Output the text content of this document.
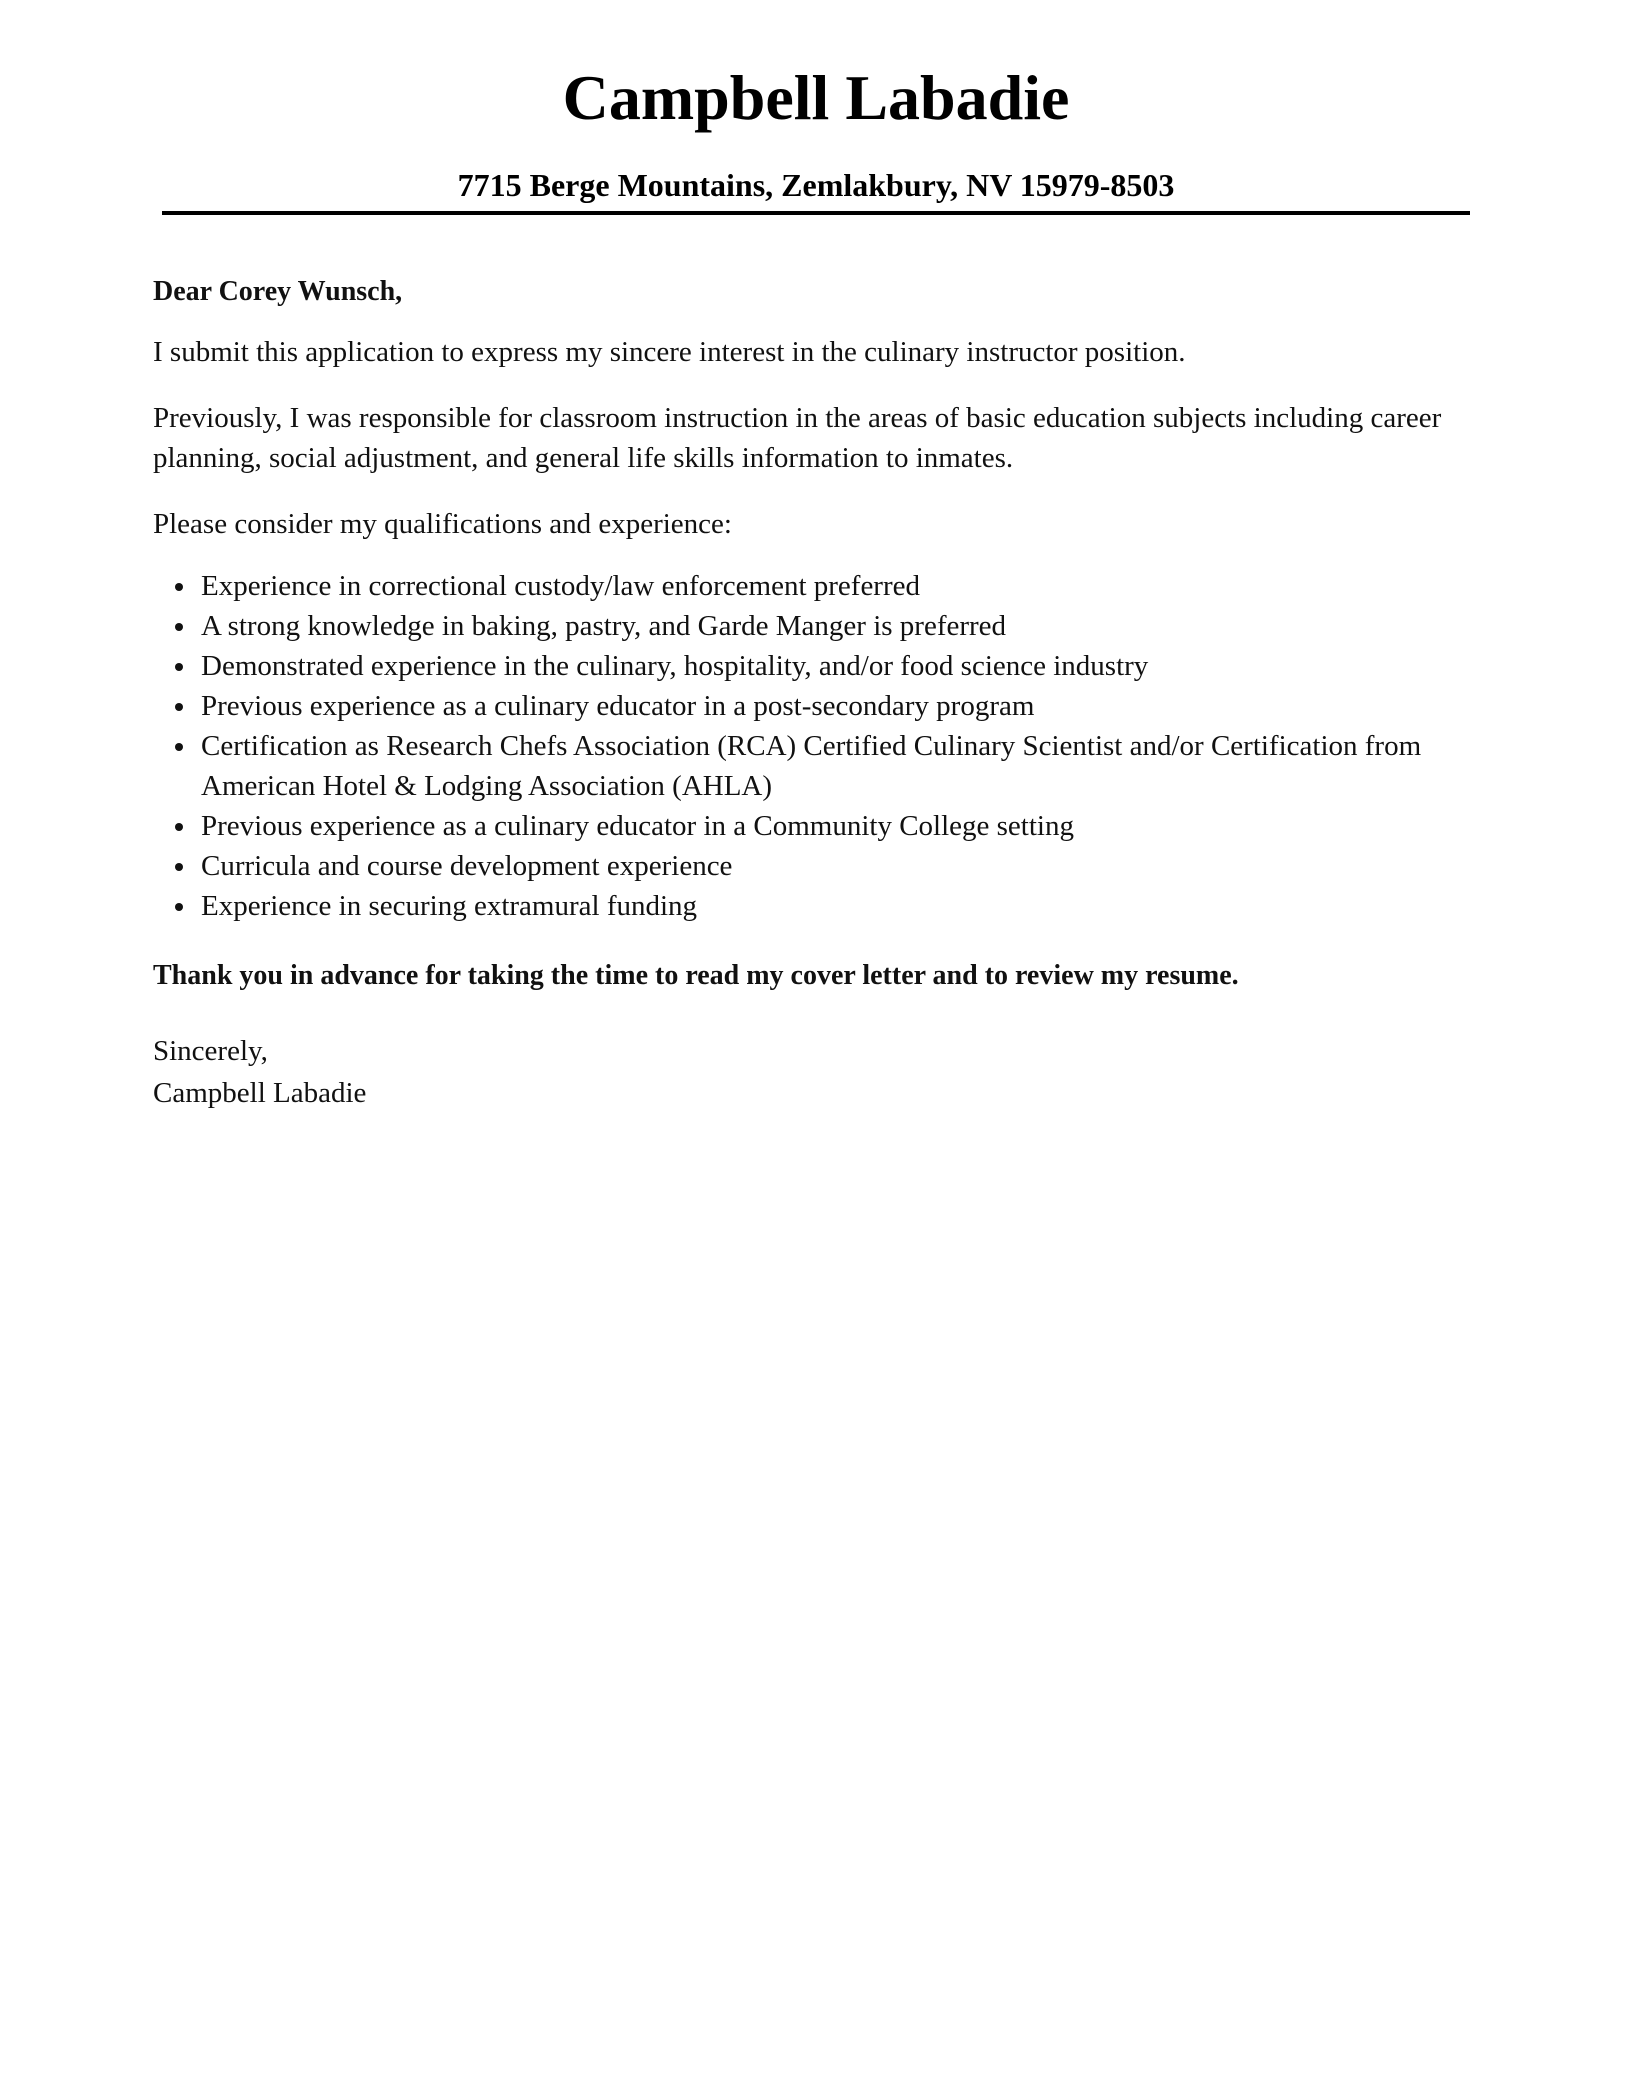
Campbell Labadie
7715 Berge Mountains, Zemlakbury, NV 15979-8503
Dear Corey Wunsch,

I submit this application to express my sincere interest in the culinary instructor position.

Previously, I was responsible for classroom instruction in the areas of basic education subjects including career planning, social adjustment, and general life skills information to inmates.

Please consider my qualifications and experience:

Experience in correctional custody/law enforcement preferred
A strong knowledge in baking, pastry, and Garde Manger is preferred
Demonstrated experience in the culinary, hospitality, and/or food science industry
Previous experience as a culinary educator in a post-secondary program
Certification as Research Chefs Association (RCA) Certified Culinary Scientist and/or Certification from American Hotel & Lodging Association (AHLA)
Previous experience as a culinary educator in a Community College setting
Curricula and course development experience
Experience in securing extramural funding
Thank you in advance for taking the time to read my cover letter and to review my resume.
Sincerely,
Campbell Labadie
